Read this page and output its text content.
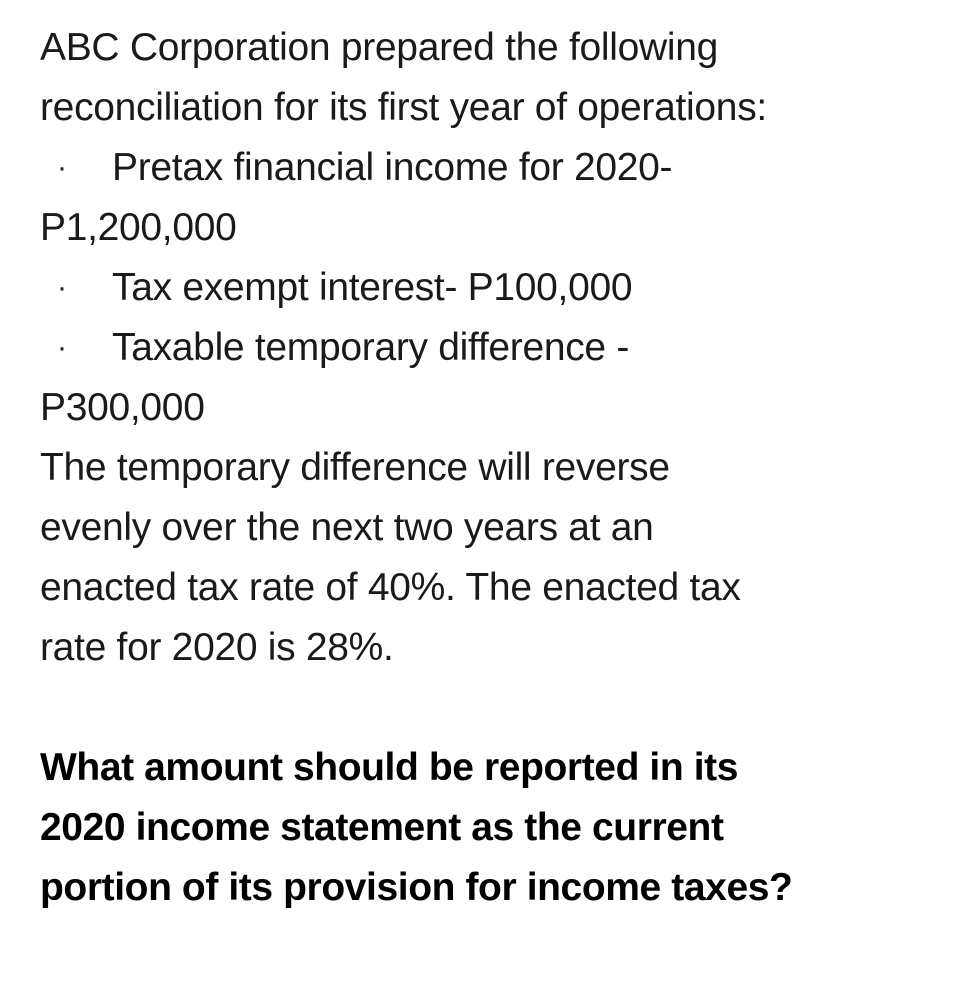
ABC Corporation prepared the following
reconciliation for its first year of operations:
· Pretax financial income for 2020-
P1,200,000
· Tax exempt interest- P100,000
· Taxable temporary difference -
P300,000
The temporary difference will reverse
evenly over the next two years at an
enacted tax rate of 40%. The enacted tax
rate for 2020 is 28%.
What amount should be reported in its
2020 income statement as the current
portion of its provision for income taxes?
